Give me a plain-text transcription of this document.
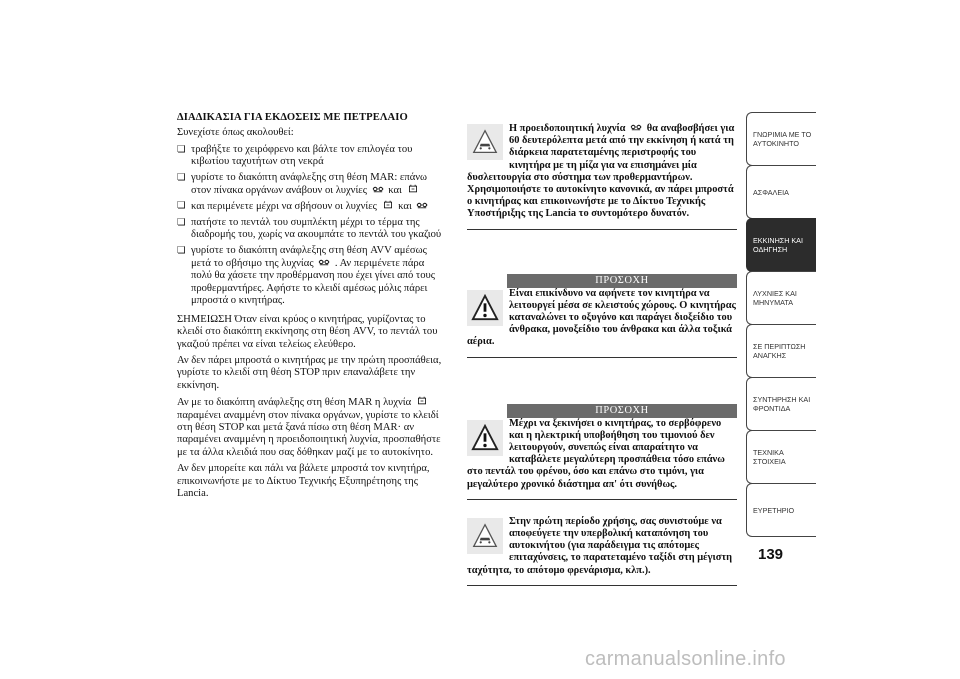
ΔΙΑΔΙΚΑΣΙΑ ΓΙΑ ΕΚΔΟΣΕΙΣ ΜΕ ΠΕΤΡΕΛΑΙΟ

Συνεχίστε όπως ακολουθεί:

❏ τραβήξτε το χειρόφρενο και βάλτε τον επιλογέα του κιβωτίου ταχυτήτων στη νεκρά
❏ γυρίστε το διακόπτη ανάφλεξης στη θέση MAR: επάνω στον πίνακα οργάνων ανάβουν οι λυχνίες και
❏ και περιμένετε μέχρι να σβήσουν οι λυχνίες και
❏ πατήστε το πεντάλ του συμπλέκτη μέχρι το τέρμα της διαδρομής του, χωρίς να ακουμπάτε το πεντάλ του γκαζιού
❏ γυρίστε το διακόπτη ανάφλεξης στη θέση AVV αμέσως μετά το σβήσιμο της λυχνίας . Αν περιμένετε πάρα πολύ θα χάσετε την προθέρμανση που έχει γίνει από τους προθερμαντήρες. Αφήστε το κλειδί αμέσως μόλις πάρει μπροστά ο κινητήρας.

ΣΗΜΕΙΩΣΗ Όταν είναι κρύος ο κινητήρας, γυρίζοντας το κλειδί στο διακόπτη εκκίνησης στη θέση AVV, το πεντάλ του γκαζιού πρέπει να είναι τελείως ελεύθερο.

Αν δεν πάρει μπροστά ο κινητήρας με την πρώτη προσπάθεια, γυρίστε το κλειδί στη θέση STOP πριν επαναλάβετε την εκκίνηση.

Αν με το διακόπτη ανάφλεξης στη θέση MAR η λυχνία
παραμένει αναμμένη στον πίνακα οργάνων, γυρίστε το κλειδί στη θέση STOP και μετά ξανά πίσω στη θέση MAR· αν παραμένει αναμμένη η προειδοποιητική λυχνία, προσπαθήστε με τα άλλα κλειδιά που σας δόθηκαν μαζί με το αυτοκίνητο.

Αν δεν μπορείτε και πάλι να βάλετε μπροστά τον κινητήρα, επικοινωνήστε με το Δίκτυο Τεχνικής Εξυπηρέτησης της Lancia.

Η προειδοποιητική λυχνία θα αναβοσβήσει για 60 δευτερόλεπτα μετά από την εκκίνηση ή κατά τη διάρκεια παρατεταμένης περιστροφής του κινητήρα με τη μίζα για να επισημάνει μία δυσλειτουργία στο σύστημα των προθερμαντήρων. Χρησιμοποιήστε το αυτοκίνητο κανονικά, αν πάρει μπροστά ο κινητήρας και επικοινωνήστε με το Δίκτυο Τεχνικής Υποστήριξης της Lancia το συντομότερο δυνατόν.
ΠΡΟΣΟΧΗ
Είναι επικίνδυνο να αφήνετε τον κινητήρα να λειτουργεί μέσα σε κλειστούς χώρους. Ο κινητήρας καταναλώνει το οξυγόνο και παράγει διοξείδιο του άνθρακα, μονοξείδιο του άνθρακα και άλλα τοξικά αέρια.
ΠΡΟΣΟΧΗ
Μέχρι να ξεκινήσει ο κινητήρας, το σερβόφρενο και η ηλεκτρική υποβοήθηση του τιμονιού δεν λειτουργούν, συνεπώς είναι απαραίτητο να καταβάλετε μεγαλύτερη προσπάθεια τόσο επάνω στο πεντάλ του φρένου, όσο και επάνω στο τιμόνι, για μεγαλύτερο χρονικό διάστημα απ' ότι συνήθως.
Στην πρώτη περίοδο χρήσης, σας συνιστούμε να αποφεύγετε την υπερβολική καταπόνηση του αυτοκινήτου (για παράδειγμα τις απότομες επιταχύνσεις, το παρατεταμένο ταξίδι στη μέγιστη ταχύτητα, το απότομο φρενάρισμα, κλπ.).
ΓΝΩΡΙΜΙΑ ΜΕ ΤΟ ΑΥΤΟΚΙΝΗΤΟ
ΑΣΦΑΛΕΙΑ
ΕΚΚΙΝΗΣΗ ΚΑΙ ΟΔΗΓΗΣΗ
ΛΥΧΝΙΕΣ ΚΑΙ ΜΗΝΥΜΑΤΑ
ΣΕ ΠΕΡΙΠΤΩΣΗ ΑΝΑΓΚΗΣ
ΣΥΝΤΗΡΗΣΗ ΚΑΙ ΦΡΟΝΤΙΔΑ
ΤΕΧΝΙΚΑ ΣΤΟΙΧΕΙΑ
ΕΥΡΕΤΗΡΙΟ
139
carmanualsonline.info
